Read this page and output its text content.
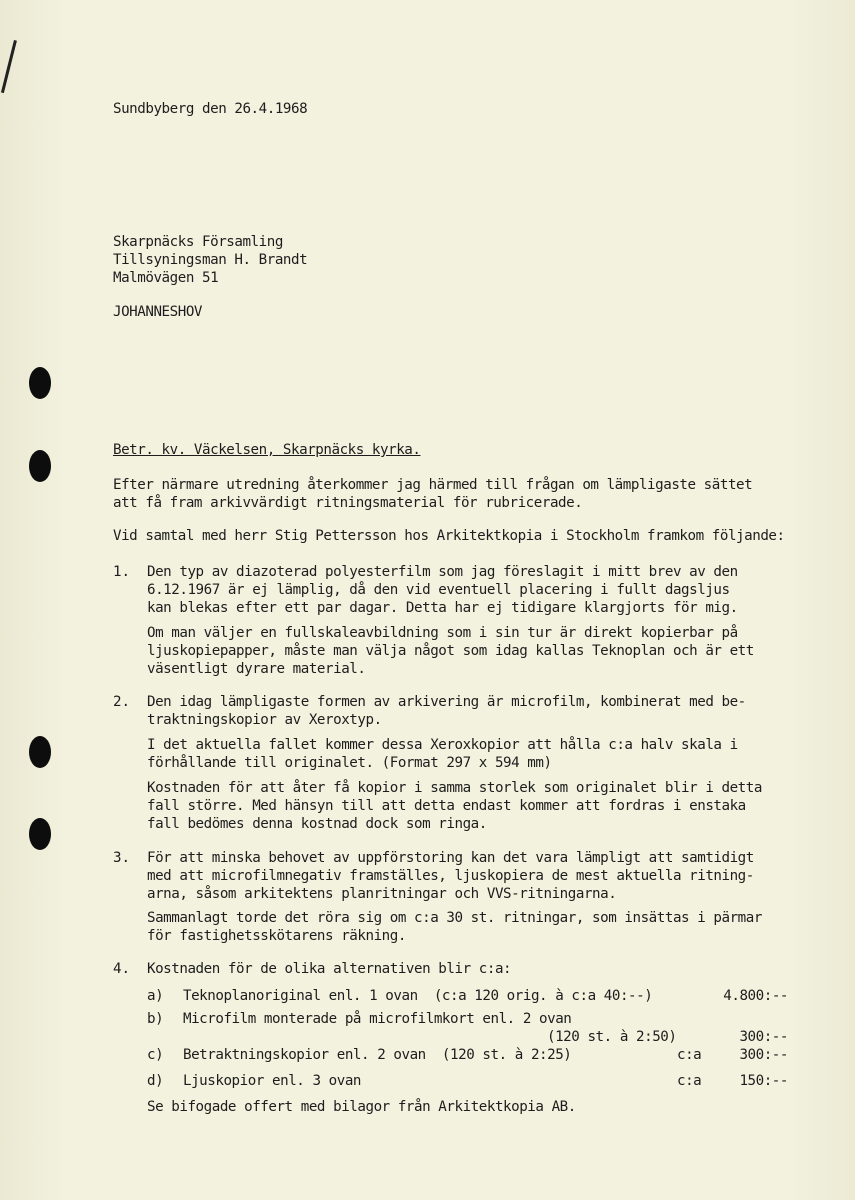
Sundbyberg den 26.4.1968
Skarpnäcks Församling
Tillsyningsman H. Brandt
Malmövägen 51
JOHANNESHOV
Betr. kv. Väckelsen, Skarpnäcks kyrka.
Efter närmare utredning återkommer jag härmed till frågan om lämpligaste sättet
att få fram arkivvärdigt ritningsmaterial för rubricerade.
Vid samtal med herr Stig Pettersson hos Arkitektkopia i Stockholm framkom följande:
1. Den typ av diazoterad polyesterfilm som jag föreslagit i mitt brev av den
6.12.1967 är ej lämplig, då den vid eventuell placering i fullt dagsljus
kan blekas efter ett par dagar. Detta har ej tidigare klargjorts för mig.
Om man väljer en fullskaleavbildning som i sin tur är direkt kopierbar på
ljuskopiepapper, måste man välja något som idag kallas Teknoplan och är ett
väsentligt dyrare material.
2. Den idag lämpligaste formen av arkivering är microfilm, kombinerat med be-
traktningskopior av Xeroxtyp.
I det aktuella fallet kommer dessa Xeroxkopior att hålla c:a halv skala i
förhållande till originalet. (Format 297 x 594 mm)
Kostnaden för att åter få kopior i samma storlek som originalet blir i detta
fall större. Med hänsyn till att detta endast kommer att fordras i enstaka
fall bedömes denna kostnad dock som ringa.
3. För att minska behovet av uppförstoring kan det vara lämpligt att samtidigt
med att microfilmnegativ framställes, ljuskopiera de mest aktuella ritning-
arna, såsom arkitektens planritningar och VVS-ritningarna.
Sammanlagt torde det röra sig om c:a 30 st. ritningar, som insättas i pärmar
för fastighetsskötarens räkning.
4. Kostnaden för de olika alternativen blir c:a:
a) Teknoplanoriginal enl. 1 ovan  (c:a 120 orig. à c:a 40:--)	4.800:--
b) Microfilm monterade på microfilmkort enl. 2 ovan
(120 st. à 2:50)	300:--
c) Betraktningskopior enl. 2 ovan  (120 st. à 2:25)	c:a	300:--
d) Ljuskopior enl. 3 ovan	c:a	150:--
Se bifogade offert med bilagor från Arkitektkopia AB.
